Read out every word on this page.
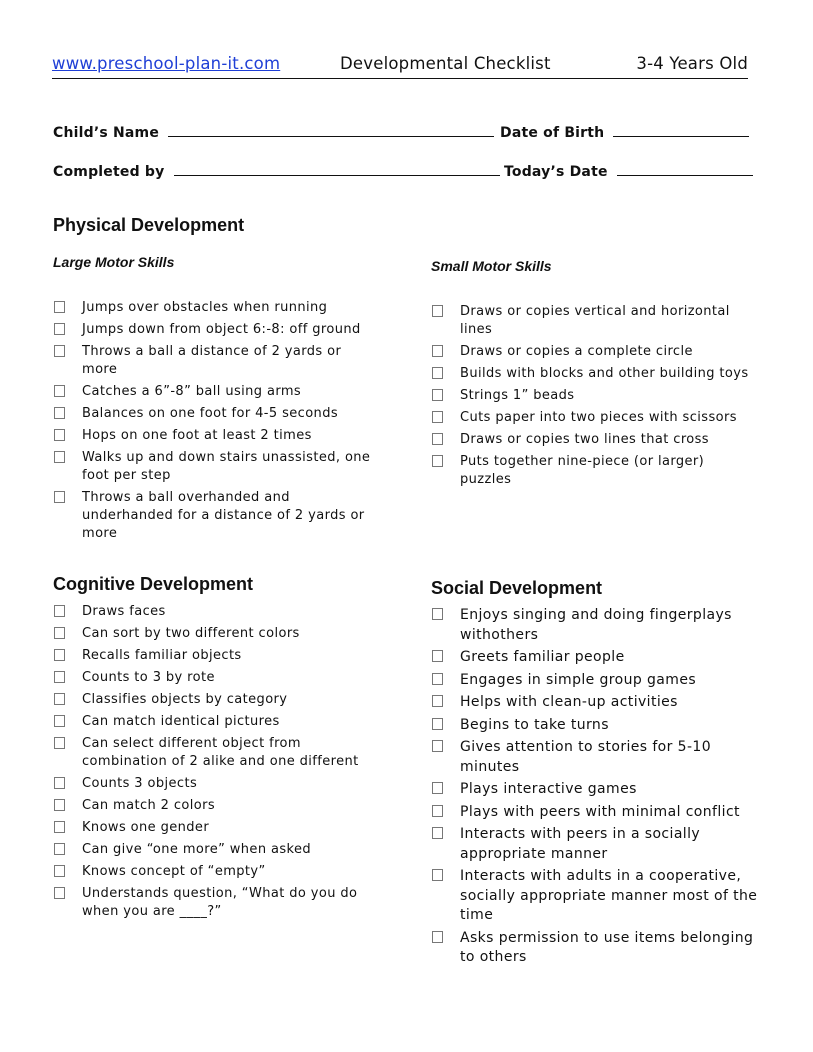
www.preschool-plan-it.com	Developmental Checklist	3-4 Years Old
Child’s Name	Date of Birth
Completed by	Today’s Date
Physical Development
Large Motor Skills	Small Motor Skills
Jumps over obstacles when running
Jumps down from object 6:-8: off ground
Throws a ball a distance of 2 yards or more
Catches a 6”-8” ball using arms
Balances on one foot for 4-5 seconds
Hops on one foot at least 2 times
Walks up and down stairs unassisted, one foot per step
Throws a ball overhanded and underhanded for a distance of 2 yards or more
Draws or copies vertical and horizontal lines
Draws or copies a complete circle
Builds with blocks and other building toys
Strings 1” beads
Cuts paper into two pieces with scissors
Draws or copies two lines that cross
Puts together nine-piece (or larger) puzzles
Cognitive Development
Draws faces
Can sort by two different colors
Recalls familiar objects
Counts to 3 by rote
Classifies objects by category
Can match identical pictures
Can select different object from combination of 2 alike and one different
Counts 3 objects
Can match 2 colors
Knows one gender
Can give “one more” when asked
Knows concept of “empty”
Understands question, “What do you do when you are ____?”
Social Development
Enjoys singing and doing fingerplays withothers
Greets familiar people
Engages in simple group games
Helps with clean-up activities
Begins to take turns
Gives attention to stories for 5-10 minutes
Plays interactive games
Plays with peers with minimal conflict
Interacts with peers in a socially appropriate manner
Interacts with adults in a cooperative, socially appropriate manner most of the time
Asks permission to use items belonging to others
